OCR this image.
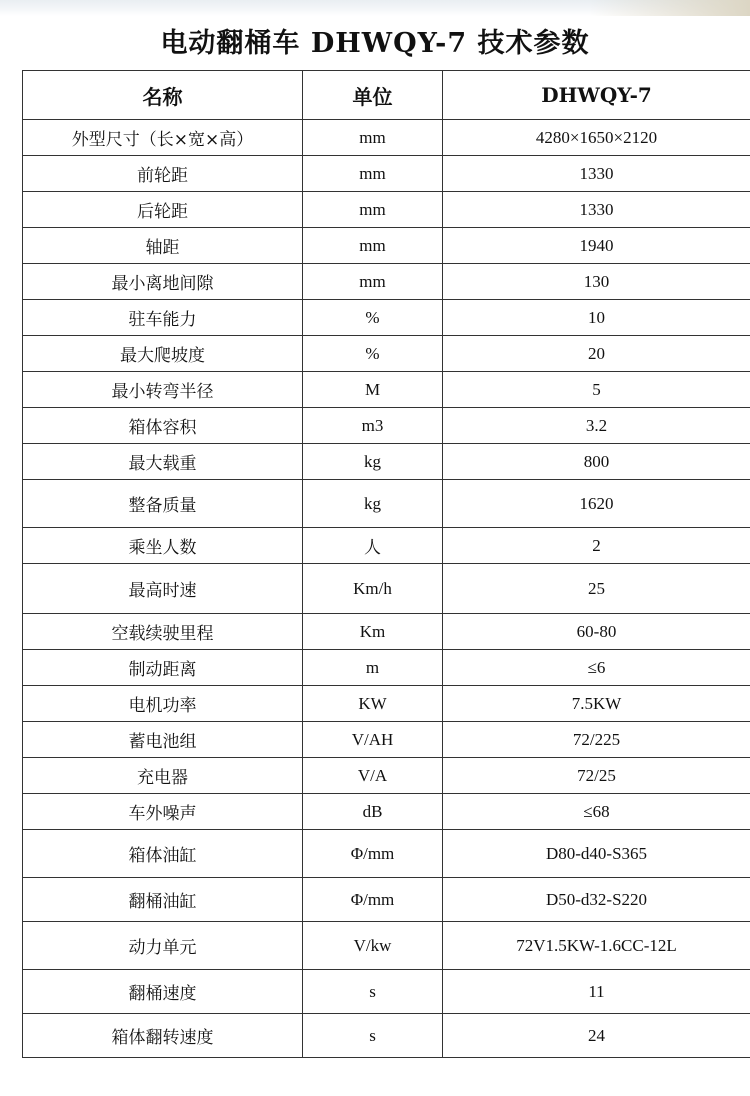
电动翻桶车 DHWQY-7 技术参数
名称	单位	DHWQY-7
外型尺寸（长×宽×高）	mm	4280×1650×2120
前轮距	mm	1330
后轮距	mm	1330
轴距	mm	1940
最小离地间隙	mm	130
驻车能力	%	10
最大爬坡度	%	20
最小转弯半径	M	5
箱体容积	m3	3.2
最大载重	kg	800
整备质量	kg	1620
乘坐人数	人	2
最高时速	Km/h	25
空载续驶里程	Km	60-80
制动距离	m	≤6
电机功率	KW	7.5KW
蓄电池组	V/AH	72/225
充电器	V/A	72/25
车外噪声	dB	≤68
箱体油缸	Φ/mm	D80-d40-S365
翻桶油缸	Φ/mm	D50-d32-S220
动力单元	V/kw	72V1.5KW-1.6CC-12L
翻桶速度	s	11
箱体翻转速度	s	24
